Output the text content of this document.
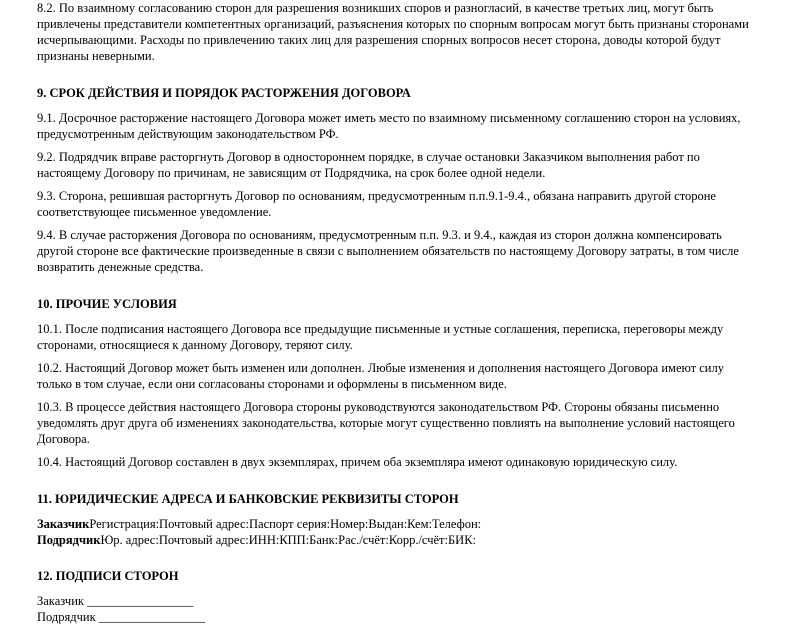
8.2. По взаимному согласованию сторон для разрешения возникших споров и разногласий, в качестве третьих лиц, могут быть привлечены представители компетентных организаций, разъяснения которых по спорным вопросам могут быть признаны сторонами исчерпывающими. Расходы по привлечению таких лиц для разрешения спорных вопросов несет сторона, доводы которой будут признаны неверными.

9. СРОК ДЕЙСТВИЯ И ПОРЯДОК РАСТОРЖЕНИЯ ДОГОВОРА

9.1. Досрочное расторжение настоящего Договора может иметь место по взаимному письменному соглашению сторон на условиях, предусмотренным действующим законодательством РФ.

9.2. Подрядчик вправе расторгнуть Договор в одностороннем порядке, в случае остановки Заказчиком выполнения работ по настоящему Договору по причинам, не зависящим от Подрядчика, на срок более одной недели.

9.3. Сторона, решившая расторгнуть Договор по основаниям, предусмотренным п.п.9.1-9.4., обязана направить другой стороне соответствующее письменное уведомление.

9.4. В случае расторжения Договора по основаниям, предусмотренным п.п. 9.3. и 9.4., каждая из сторон должна компенсировать другой стороне все фактические произведенные в связи с выполнением обязательств по настоящему Договору затраты, в том числе возвратить денежные средства.

10. ПРОЧИЕ УСЛОВИЯ

10.1. После подписания настоящего Договора все предыдущие письменные и устные соглашения, переписка, переговоры между сторонами, относящиеся к данному Договору, теряют силу.

10.2. Настоящий Договор может быть изменен или дополнен. Любые изменения и дополнения настоящего Договора имеют силу только в том случае, если они согласованы сторонами и оформлены в письменном виде.

10.3. В процессе действия настоящего Договора стороны руководствуются законодательством РФ. Стороны обязаны письменно уведомлять друг друга об изменениях законодательства, которые могут существенно повлиять на выполнение условий настоящего Договора.

10.4. Настоящий Договор составлен в двух экземплярах, причем оба экземпляра имеют одинаковую юридическую силу.

11. ЮРИДИЧЕСКИЕ АДРЕСА И БАНКОВСКИЕ РЕКВИЗИТЫ СТОРОН

ЗаказчикРегистрация:Почтовый адрес:Паспорт серия:Номер:Выдан:Кем:Телефон:

ПодрядчикЮр. адрес:Почтовый адрес:ИНН:КПП:Банк:Рас./счёт:Корр./счёт:БИК:

12. ПОДПИСИ СТОРОН

Заказчик _________________

Подрядчик _________________
